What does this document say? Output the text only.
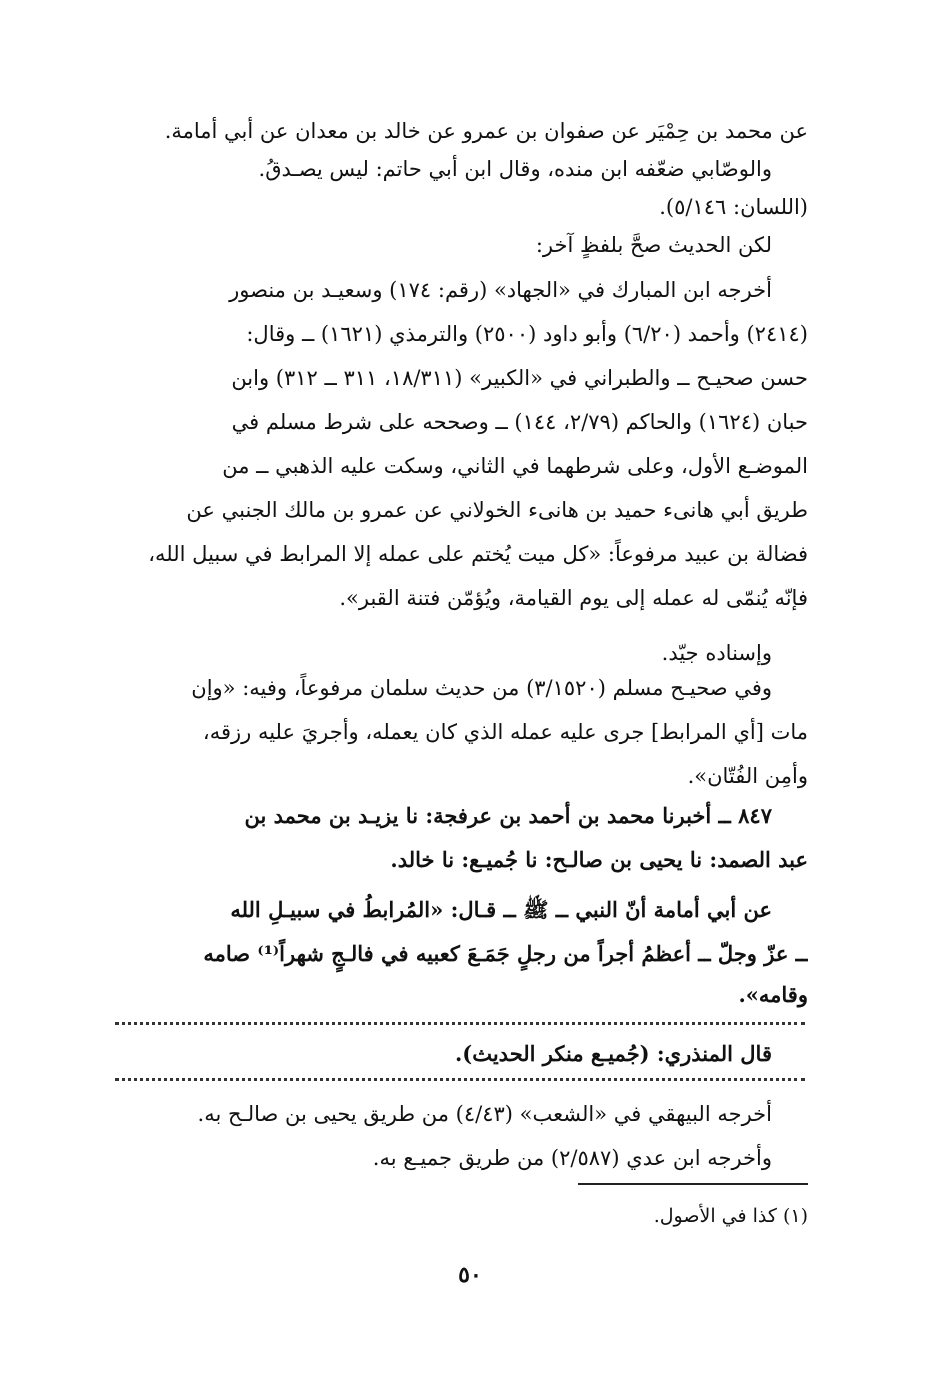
عن محمد بن حِمْيَر عن صفوان بن عمرو عن خالد بن معدان عن أبي أمامة.
والوصّابي ضعّفه ابن منده، وقال ابن أبي حاتم: ليس يصـدقُ.
(اللسان: ٥/١٤٦).
لكن الحديث صحَّ بلفظٍ آخر:
أخرجه ابن المبارك في «الجهاد» (رقم: ١٧٤) وسعيـد بن منصور
(٢٤١٤) وأحمد (٦/٢٠) وأبو داود (٢٥٠٠) والترمذي (١٦٢١) ــ وقال:
حسن صحيـح ــ والطبراني في «الكبير» (١٨/٣١١، ٣١١ ــ ٣١٢) وابن
حبان (١٦٢٤) والحاكم (٢/٧٩، ١٤٤) ــ وصححه على شرط مسلم في
الموضـع الأول، وعلى شرطهما في الثاني، وسكت عليه الذهبي ــ من
طريق أبي هانىء حميد بن هانىء الخولاني عن عمرو بن مالك الجنبي عن
فضالة بن عبيد مرفوعاً: «كل ميت يُختم على عمله إلا المرابط في سبيل الله،
فإنّه يُنمّى له عمله إلى يوم القيامة، ويُؤمّن فتنة القبر».
وإسناده جيّد.
وفي صحيـح مسلم (٣/١٥٢٠) من حديث سلمان مرفوعاً، وفيه: «وإن
مات [أي المرابط] جرى عليه عمله الذي كان يعمله، وأجريَ عليه رزقه،
وأمِن الفُتّان».
٨٤٧ ــ أخبرنا محمد بن أحمد بن عرفجة: نا يزيـد بن محمد بن
عبد الصمد: نا يحيى بن صالـح: نا جُميـع: نا خالد.
عن أبي أمامة أنّ النبي ــ ﷺ ــ قـال: «المُرابطُ في سبيـلِ الله
ــ عزّ وجلّ ــ أعظمُ أجراً من رجلٍ جَمَـعَ كعبيه في فالـجٍ شهراً⁽¹⁾ صامه
وقامه».
قال المنذري: (جُميـع منكر الحديث).
أخرجه البيهقي في «الشعب» (٤/٤٣) من طريق يحيى بن صالـح به.
وأخرجه ابن عدي (٢/٥٨٧) من طريق جميـع به.
(١) كذا في الأصول.
٥٠
